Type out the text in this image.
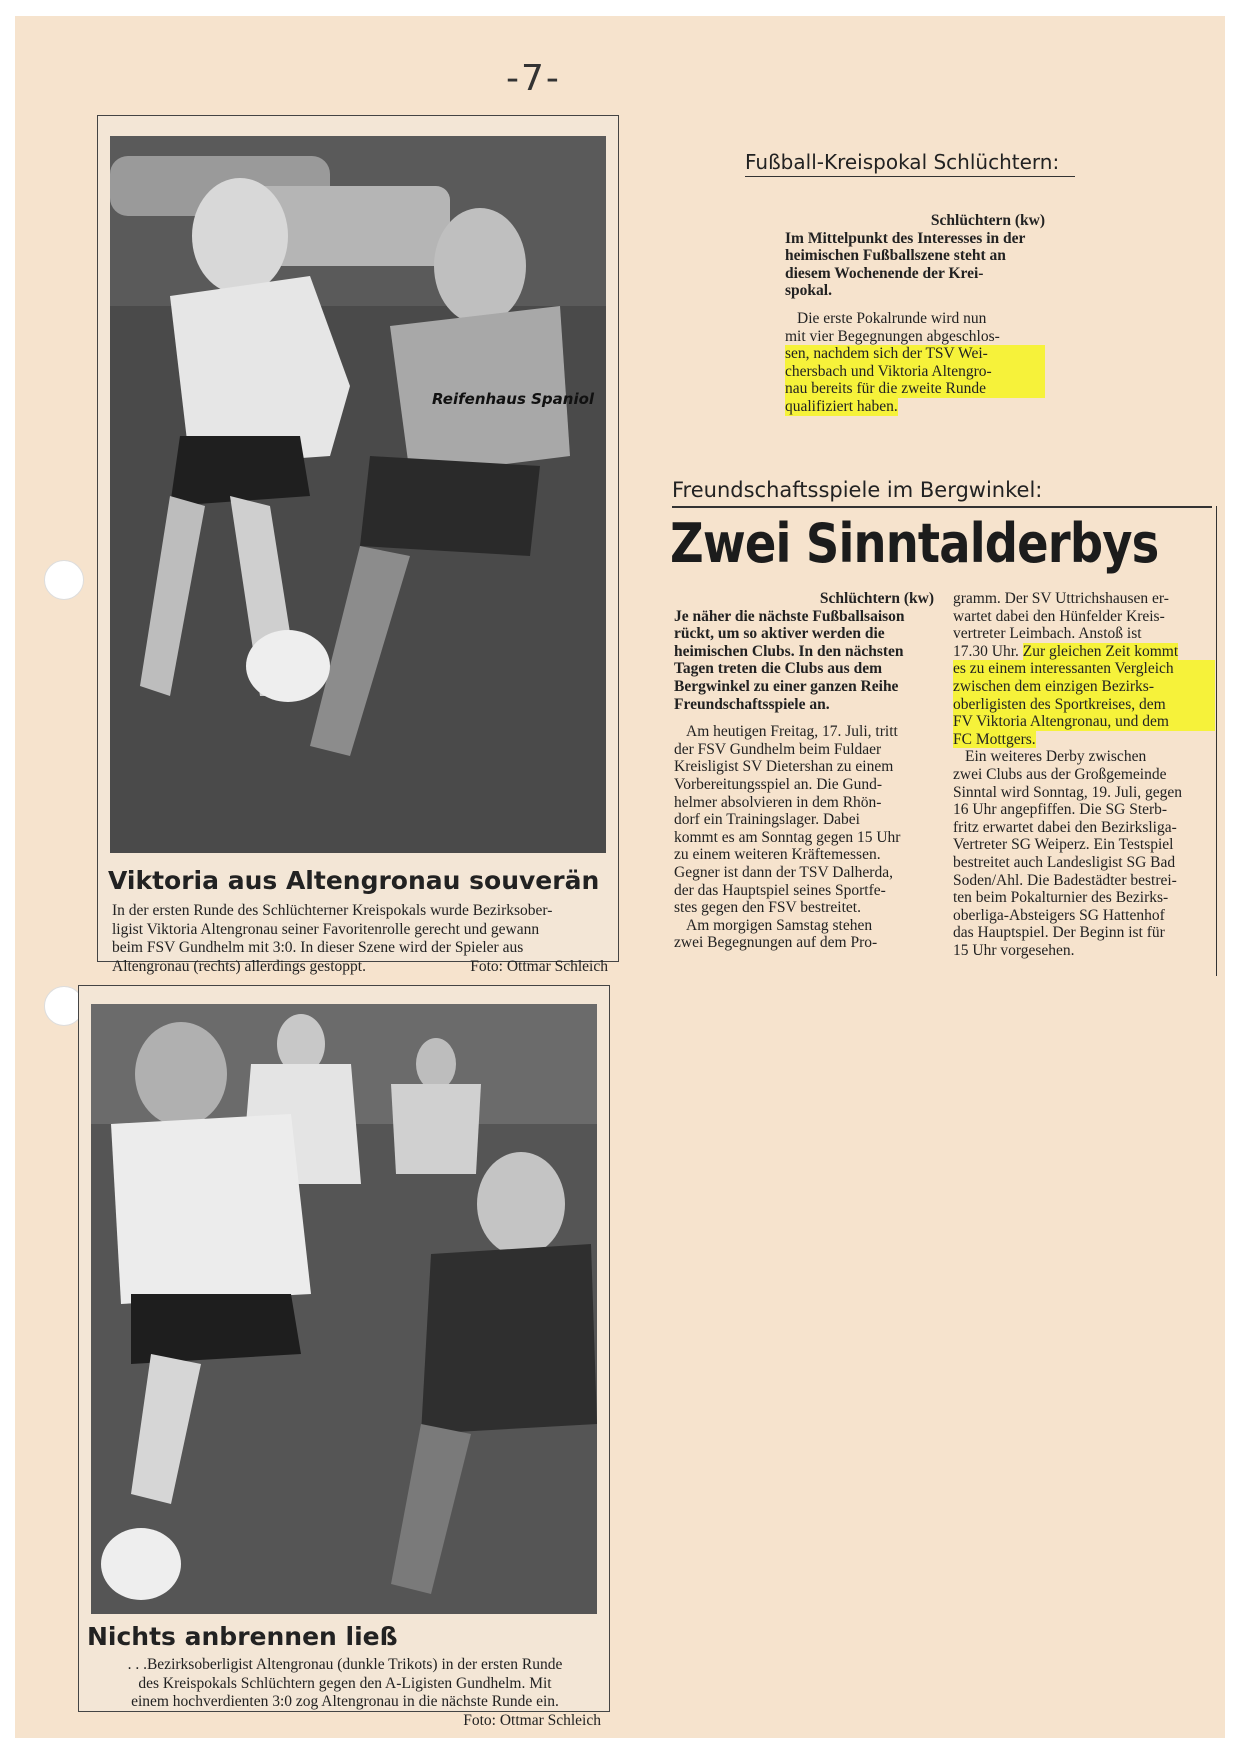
-7-
Reifenhaus Spaniol
Viktoria aus Altengronau souverän
In der ersten Runde des Schlüchterner Kreispokals wurde Bezirksober-
ligist Viktoria Altengronau seiner Favoritenrolle gerecht und gewann
beim FSV Gundhelm mit 3:0. In dieser Szene wird der Spieler aus
Altengronau (rechts) allerdings gestoppt.	Foto: Ottmar Schleich
Nichts anbrennen ließ
. . .Bezirksoberligist Altengronau (dunkle Trikots) in der ersten Runde
des Kreispokals Schlüchtern gegen den A-Ligisten Gundhelm. Mit
einem hochverdienten 3:0 zog Altengronau in die nächste Runde ein.
Foto: Ottmar Schleich
Fußball-Kreispokal Schlüchtern:
Schlüchtern (kw)
Im Mittelpunkt des Interesses in der
heimischen Fußballszene steht an
diesem Wochenende der Krei-
spokal.
Die erste Pokalrunde wird nun
mit vier Begegnungen abgeschlos-
sen, nachdem sich der TSV Wei-
chersbach und Viktoria Altengro-
nau bereits für die zweite Runde
qualifiziert haben.
Freundschaftsspiele im Bergwinkel:
Zwei Sinntalderbys
Schlüchtern (kw)
Je näher die nächste Fußballsaison
rückt, um so aktiver werden die
heimischen Clubs. In den nächsten
Tagen treten die Clubs aus dem
Bergwinkel zu einer ganzen Reihe
Freundschaftsspiele an.
Am heutigen Freitag, 17. Juli, tritt
der FSV Gundhelm beim Fuldaer
Kreisligist SV Dietershan zu einem
Vorbereitungsspiel an. Die Gund-
helmer absolvieren in dem Rhön-
dorf ein Trainingslager. Dabei
kommt es am Sonntag gegen 15 Uhr
zu einem weiteren Kräftemessen.
Gegner ist dann der TSV Dalherda,
der das Hauptspiel seines Sportfe-
stes gegen den FSV bestreitet.
Am morgigen Samstag stehen
zwei Begegnungen auf dem Pro-
gramm. Der SV Uttrichshausen er-
wartet dabei den Hünfelder Kreis-
vertreter Leimbach. Anstoß ist
17.30 Uhr. Zur gleichen Zeit kommt
es zu einem interessanten Vergleich
zwischen dem einzigen Bezirks-
oberligisten des Sportkreises, dem
FV Viktoria Altengronau, und dem
FC Mottgers.
Ein weiteres Derby zwischen
zwei Clubs aus der Großgemeinde
Sinntal wird Sonntag, 19. Juli, gegen
16 Uhr angepfiffen. Die SG Sterb-
fritz erwartet dabei den Bezirksliga-
Vertreter SG Weiperz. Ein Testspiel
bestreitet auch Landesligist SG Bad
Soden/Ahl. Die Badestädter bestrei-
ten beim Pokalturnier des Bezirks-
oberliga-Absteigers SG Hattenhof
das Hauptspiel. Der Beginn ist für
15 Uhr vorgesehen.
